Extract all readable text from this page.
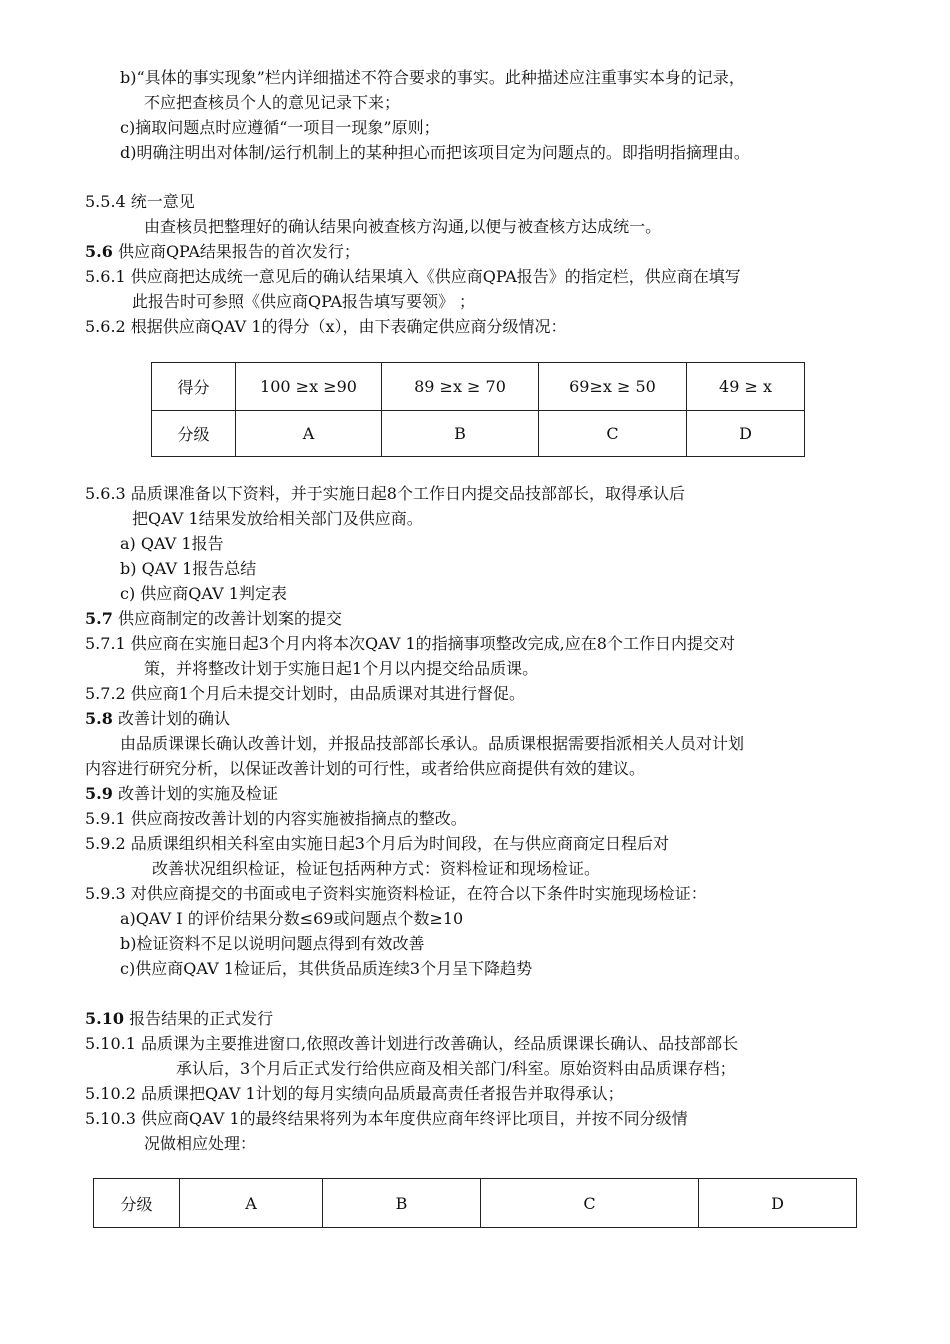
b)“具体的事实现象”栏内详细描述不符合要求的事实。此种描述应注重事实本身的记录，
不应把查核员个人的意见记录下来；
c)摘取问题点时应遵循“一项目一现象”原则；
d)明确注明出对体制/运行机制上的某种担心而把该项目定为问题点的。即指明指摘理由。
5.5.4 统一意见
由查核员把整理好的确认结果向被查核方沟通,以便与被查核方达成统一。
5.6 供应商QPA结果报告的首次发行；
5.6.1 供应商把达成统一意见后的确认结果填入《供应商QPA报告》的指定栏，供应商在填写
此报告时可参照《供应商QPA报告填写要领》 ；
5.6.2 根据供应商QAV 1的得分（x），由下表确定供应商分级情况：
得分	100 ≥x ≥90	89 ≥x ≥ 70	69≥x ≥ 50	49 ≥ x
分级	A	B	C	D
5.6.3 品质课准备以下资料，并于实施日起8个工作日内提交品技部部长，取得承认后
把QAV 1结果发放给相关部门及供应商。
a) QAV 1报告
b) QAV 1报告总结
c) 供应商QAV 1判定表
5.7 供应商制定的改善计划案的提交
5.7.1 供应商在实施日起3个月内将本次QAV 1的指摘事项整改完成,应在8个工作日内提交对
策，并将整改计划于实施日起1个月以内提交给品质课。
5.7.2 供应商1个月后未提交计划时，由品质课对其进行督促。
5.8 改善计划的确认
由品质课课长确认改善计划，并报品技部部长承认。品质课根据需要指派相关人员对计划
内容进行研究分析，以保证改善计划的可行性，或者给供应商提供有效的建议。
5.9 改善计划的实施及检证
5.9.1 供应商按改善计划的内容实施被指摘点的整改。
5.9.2 品质课组织相关科室由实施日起3个月后为时间段，在与供应商商定日程后对
改善状况组织检证，检证包括两种方式：资料检证和现场检证。
5.9.3 对供应商提交的书面或电子资料实施资料检证，在符合以下条件时实施现场检证：
a)QAV I 的评价结果分数≤69或问题点个数≥10
b)检证资料不足以说明问题点得到有效改善
c)供应商QAV 1检证后，其供货品质连续3个月呈下降趋势
5.10 报告结果的正式发行
5.10.1 品质课为主要推进窗口,依照改善计划进行改善确认，经品质课课长确认、品技部部长
承认后，3个月后正式发行给供应商及相关部门/科室。原始资料由品质课存档；
5.10.2 品质课把QAV 1计划的每月实绩向品质最高责任者报告并取得承认；
5.10.3 供应商QAV 1的最终结果将列为本年度供应商年终评比项目，并按不同分级情
况做相应处理：
分级	A	B	C	D
